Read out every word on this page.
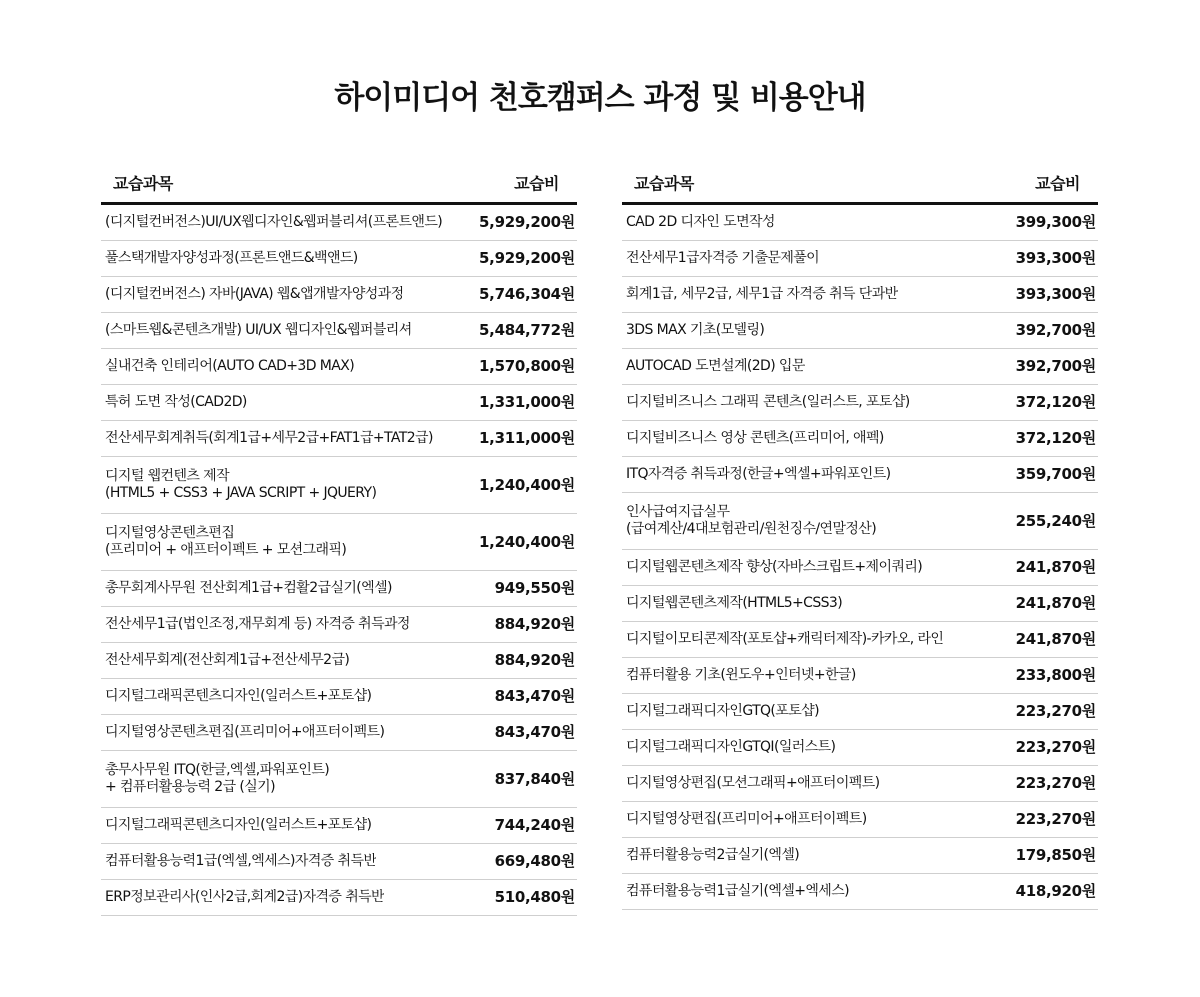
하이미디어 천호캠퍼스 과정 및 비용안내
교습과목	교습비
(디지털컨버전스)UI/UX웹디자인&웹퍼블리셔(프론트앤드) 5,929,200원
풀스택개발자양성과정(프론트앤드&백앤드)	5,929,200원
(디지털컨버전스) 자바(JAVA) 웹&앱개발자양성과정	5,746,304원
(스마트웹&콘텐츠개발) UI/UX 웹디자인&웹퍼블리셔	5,484,772원
실내건축 인테리어(AUTO CAD+3D MAX)	1,570,800원
특허 도면 작성(CAD2D)	1,331,000원
전산세무회계취득(회계1급+세무2급+FAT1급+TAT2급)	1,311,000원
디지털 웹컨텐츠 제작
(HTML5 + CSS3 + JAVA SCRIPT + JQUERY)	1,240,400원
디지털영상콘텐츠편집
(프리미어 + 애프터이펙트 + 모션그래픽)	1,240,400원
총무회계사무원 전산회계1급+컴활2급실기(엑셀)	949,550원
전산세무1급(법인조정,재무회계 등) 자격증 취득과정	884,920원
전산세무회계(전산회계1급+전산세무2급)	884,920원
디지털그래픽콘텐츠디자인(일러스트+포토샵)	843,470원
디지털영상콘텐츠편집(프리미어+애프터이펙트)	843,470원
총무사무원 ITQ(한글,엑셀,파워포인트)
+ 컴퓨터활용능력 2급 (실기)	837,840원
디지털그래픽콘텐츠디자인(일러스트+포토샵)	744,240원
컴퓨터활용능력1급(엑셀,엑세스)자격증 취득반	669,480원
ERP정보관리사(인사2급,회계2급)자격증 취득반	510,480원
교습과목	교습비
CAD 2D 디자인 도면작성	399,300원
전산세무1급자격증 기출문제풀이	393,300원
회계1급, 세무2급, 세무1급 자격증 취득 단과반	393,300원
3DS MAX 기초(모델링)	392,700원
AUTOCAD 도면설계(2D) 입문	392,700원
디지털비즈니스 그래픽 콘텐츠(일러스트, 포토샵)	372,120원
디지털비즈니스 영상 콘텐츠(프리미어, 애펙)	372,120원
ITQ자격증 취득과정(한글+엑셀+파워포인트)	359,700원
인사급여지급실무
(급여계산/4대보험관리/원천징수/연말정산)	255,240원
디지털웹콘텐츠제작 향상(자바스크립트+제이쿼리)	241,870원
디지털웹콘텐츠제작(HTML5+CSS3)	241,870원
디지털이모티콘제작(포토샵+캐릭터제작)-카카오, 라인	241,870원
컴퓨터활용 기초(윈도우+인터넷+한글)	233,800원
디지털그래픽디자인GTQ(포토샵)	223,270원
디지털그래픽디자인GTQI(일러스트)	223,270원
디지털영상편집(모션그래픽+애프터이펙트)	223,270원
디지털영상편집(프리미어+애프터이펙트)	223,270원
컴퓨터활용능력2급실기(엑셀)	179,850원
컴퓨터활용능력1급실기(엑셀+엑세스)	418,920원
